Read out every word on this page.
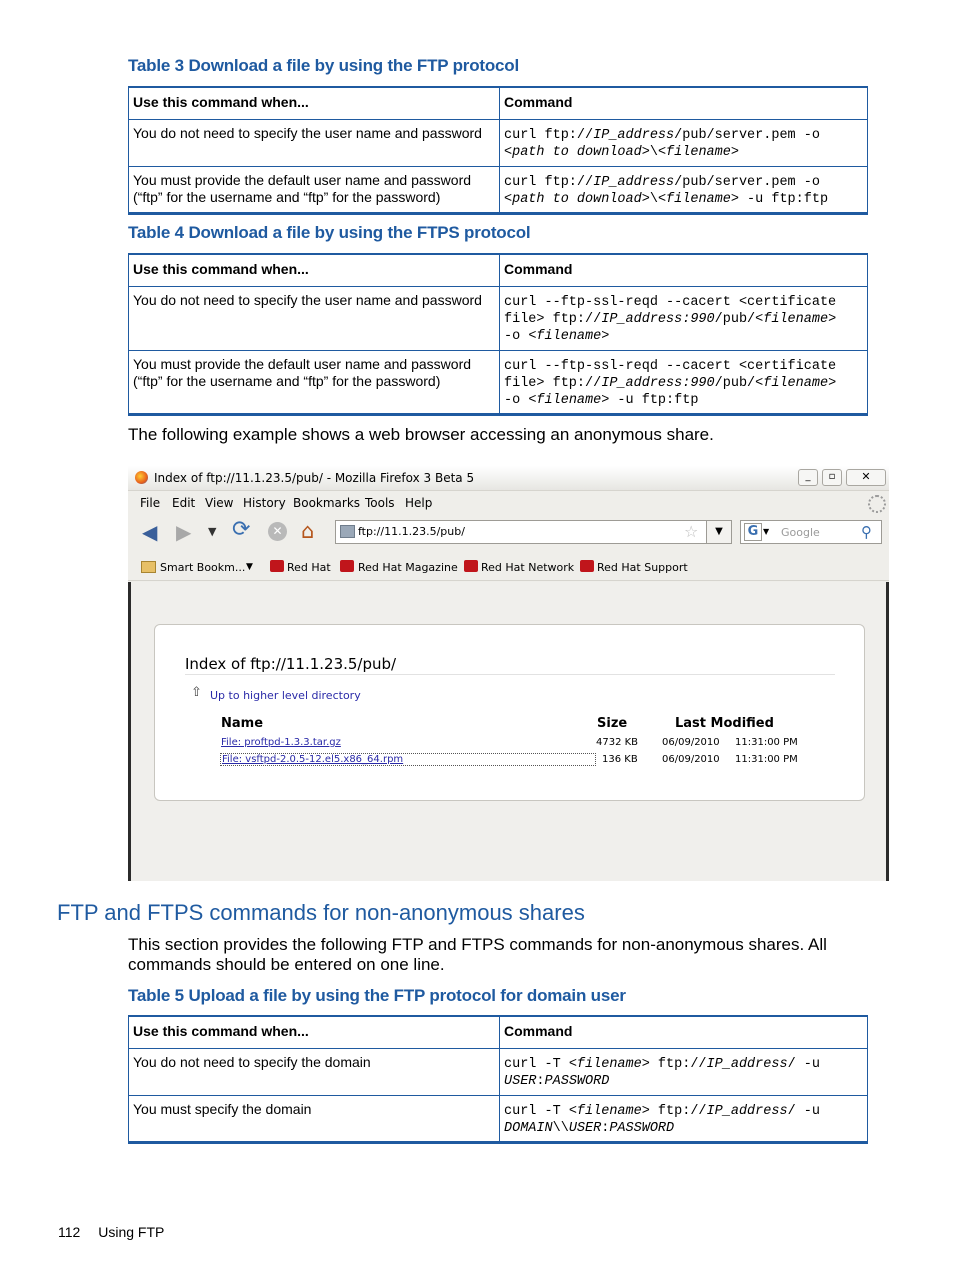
Table 3 Download a file by using the FTP protocol
Use this command when...	Command
You do not need to specify the user name and password	curl ftp://IP_address/pub/server.pem -o
<path to download>\<filename>
You must provide the default user name and password
(“ftp” for the username and “ftp” for the password)	curl ftp://IP_address/pub/server.pem -o
<path to download>\<filename> -u ftp:ftp
Table 4 Download a file by using the FTPS protocol
Use this command when...	Command
You do not need to specify the user name and password	curl --ftp-ssl-reqd --cacert <certificate
file> ftp://IP_address:990/pub/<filename>
-o <filename>
You must provide the default user name and password
(“ftp” for the username and “ftp” for the password)	curl --ftp-ssl-reqd --cacert <certificate
file> ftp://IP_address:990/pub/<filename>
-o <filename> -u ftp:ftp
The following example shows a web browser accessing an anonymous share.
Index of ftp://11.1.23.5/pub/ - Mozilla Firefox 3 Beta 5	_	▫	✕
File Edit View History Bookmarks Tools Help
◀ ▶ ▼ ⟳	✕ ⌂	ftp://11.1.23.5/pub/	☆	▼	G ▼ Google	⚲
Smart Bookm... ▼	Red Hat Red Hat Magazine Red Hat Network Red Hat Support
Index of ftp://11.1.23.5/pub/
⇧ Up to higher level directory
Name	Size	Last Modified
File: proftpd-1.3.3.tar.gz	4732 KB 06/09/2010 11:31:00 PM
File: vsftpd-2.0.5-12.el5.x86_64.rpm	136 KB 06/09/2010 11:31:00 PM
FTP and FTPS commands for non-anonymous shares
This section provides the following FTP and FTPS commands for non-anonymous shares. All
commands should be entered on one line.
Table 5 Upload a file by using the FTP protocol for domain user
Use this command when...	Command
You do not need to specify the domain	curl -T <filename> ftp://IP_address/ -u
USER:PASSWORD
You must specify the domain	curl -T <filename> ftp://IP_address/ -u
DOMAIN\\USER:PASSWORD
112 Using FTP
